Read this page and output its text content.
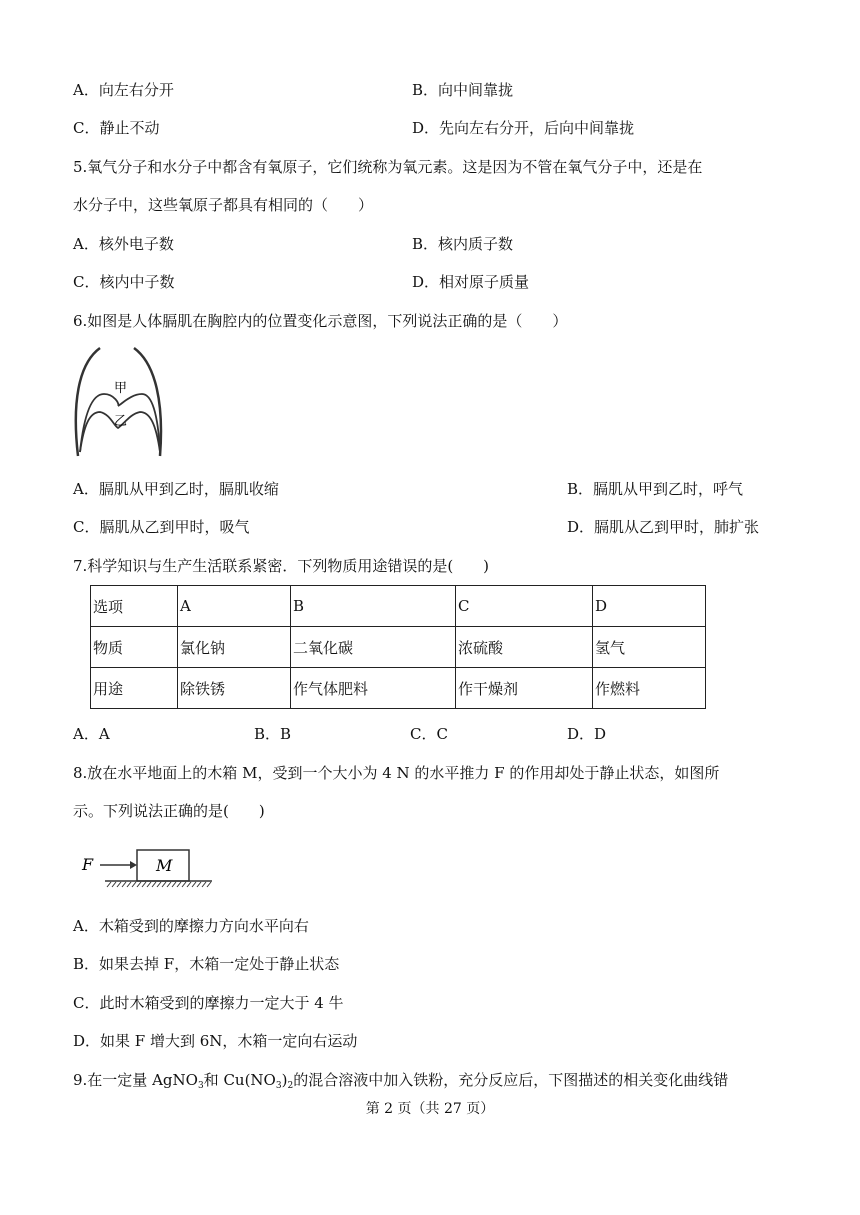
A．向左右分开	B．向中间靠拢
C．静止不动	D．先向左右分开，后向中间靠拢
5.氧气分子和水分子中都含有氧原子，它们统称为氧元素。这是因为不管在氧气分子中，还是在
水分子中，这些氧原子都具有相同的（　　）
A．核外电子数	B．核内质子数
C．核内中子数	D．相对原子质量
6.如图是人体膈肌在胸腔内的位置变化示意图，下列说法正确的是（　　）
甲
乙
A．膈肌从甲到乙时，膈肌收缩	B．膈肌从甲到乙时，呼气
C．膈肌从乙到甲时，吸气	D．膈肌从乙到甲时，肺扩张
7.科学知识与生产生活联系紧密．下列物质用途错误的是(　　)
选项	A	B	C	D
物质	氯化钠	二氧化碳	浓硫酸	氢气
用途	除铁锈	作气体肥料	作干燥剂	作燃料
A．A	B．B	C．C	D．D
8.放在水平地面上的木箱 M，受到一个大小为 4 N 的水平推力 F 的作用却处于静止状态，如图所
示。下列说法正确的是(　　)
F	M
A．木箱受到的摩擦力方向水平向右
B．如果去掉 F，木箱一定处于静止状态
C．此时木箱受到的摩擦力一定大于 4 牛
D．如果 F 增大到 6N，木箱一定向右运动
9.在一定量 AgNO$_3$和 $Cu(NO_3)_2$的混合溶液中加入铁粉，充分反应后，下图描述的相关变化曲线错
第 2 页（共 27 页）
